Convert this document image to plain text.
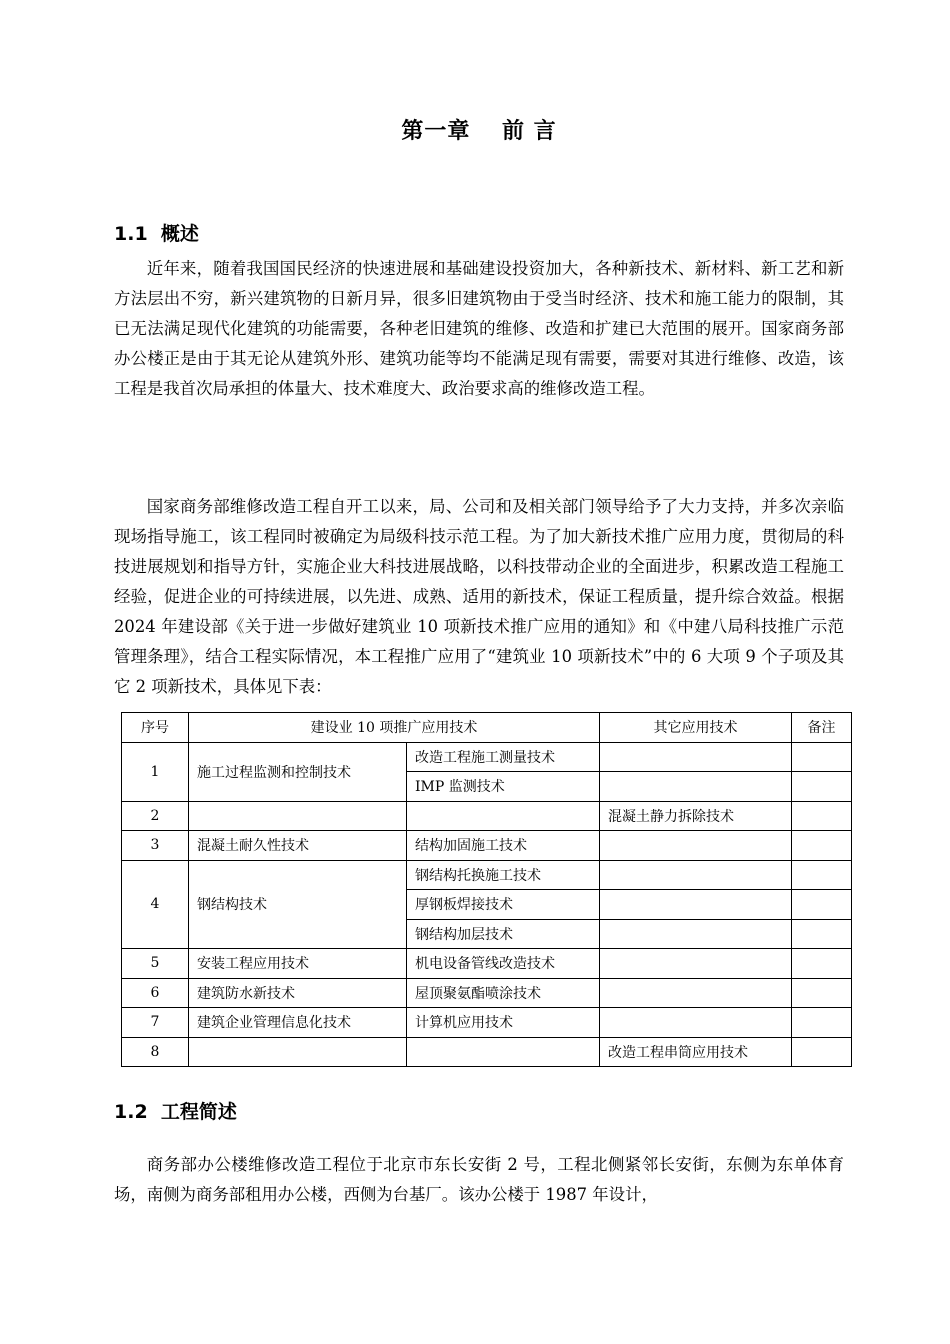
第一章　 前 言
1.1  概述

近年来，随着我国国民经济的快速进展和基础建设投资加大，各种新技术、新材料、新工艺和新方法层出不穷，新兴建筑物的日新月异，很多旧建筑物由于受当时经济、技术和施工能力的限制，其已无法满足现代化建筑的功能需要，各种老旧建筑的维修、改造和扩建已大范围的展开。国家商务部办公楼正是由于其无论从建筑外形、建筑功能等均不能满足现有需要，需要对其进行维修、改造，该工程是我首次局承担的体量大、技术难度大、政治要求高的维修改造工程。

国家商务部维修改造工程自开工以来，局、公司和及相关部门领导给予了大力支持，并多次亲临现场指导施工，该工程同时被确定为局级科技示范工程。为了加大新技术推广应用力度，贯彻局的科技进展规划和指导方针，实施企业大科技进展战略，以科技带动企业的全面进步，积累改造工程施工经验，促进企业的可持续进展，以先进、成熟、适用的新技术，保证工程质量，提升综合效益。根据 2024 年建设部《关于进一步做好建筑业 10 项新技术推广应用的通知》和《中建八局科技推广示范管理条理》，结合工程实际情况，本工程推广应用了“建筑业 10 项新技术”中的 6 大项 9 个子项及其它 2 项新技术，具体见下表：

序号	建设业 10 项推广应用技术		其它应用技术	备注
1	施工过程监测和控制技术	改造工程施工测量技术		
		IMP 监测技术		
2			混凝土静力拆除技术	
3	混凝土耐久性技术	结构加固施工技术		
4	钢结构技术	钢结构托换施工技术		
		厚钢板焊接技术		
		钢结构加层技术		
5	安装工程应用技术	机电设备管线改造技术		
6	建筑防水新技术	屋顶聚氨酯喷涂技术		
7	建筑企业管理信息化技术	计算机应用技术		
8			改造工程串筒应用技术	
1.2  工程简述

商务部办公楼维修改造工程位于北京市东长安街 2 号，工程北侧紧邻长安街，东侧为东单体育场，南侧为商务部租用办公楼，西侧为台基厂。该办公楼于 1987 年设计，
